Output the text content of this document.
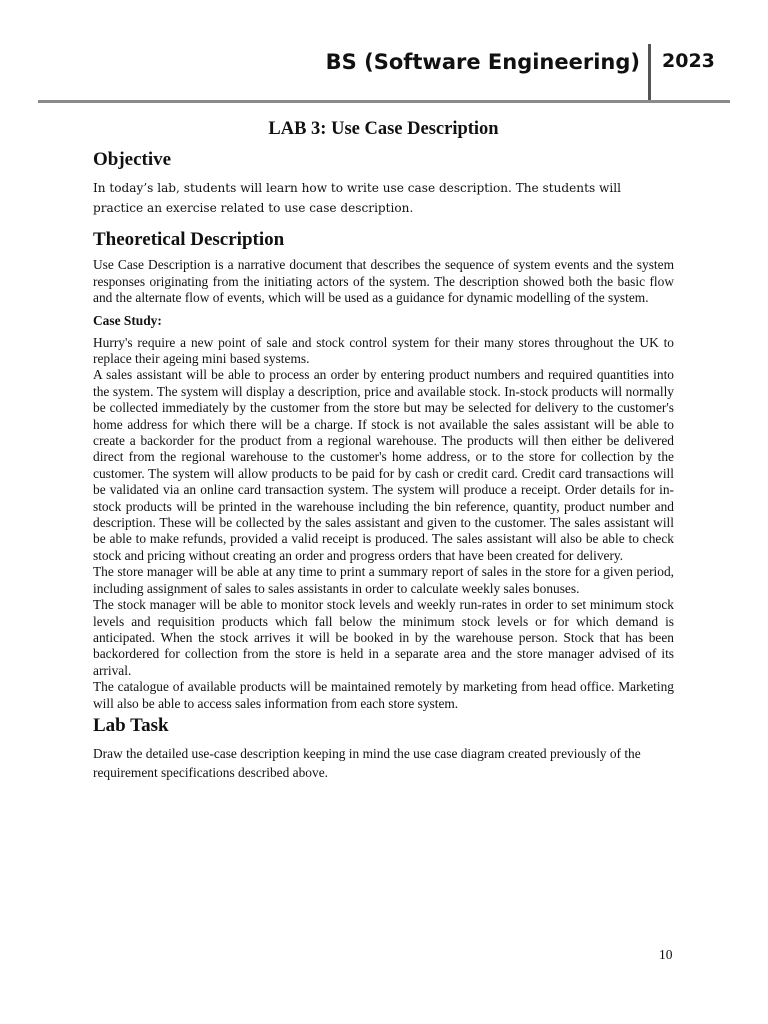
BS (Software Engineering) 2023
LAB 3: Use Case Description
Objective

In today’s lab, students will learn how to write use case description. The students will practice an exercise related to use case description.

Theoretical Description

Use Case Description is a narrative document that describes the sequence of system events and the system responses originating from the initiating actors of the system. The description showed both the basic flow and the alternate flow of events, which will be used as a guidance for dynamic modelling of the system.

Case Study:

Hurry's require a new point of sale and stock control system for their many stores throughout the UK to replace their ageing mini based systems.

A sales assistant will be able to process an order by entering product numbers and required quantities into the system. The system will display a description, price and available stock. In-stock products will normally be collected immediately by the customer from the store but may be selected for delivery to the customer's home address for which there will be a charge. If stock is not available the sales assistant will be able to create a backorder for the product from a regional warehouse. The products will then either be delivered direct from the regional warehouse to the customer's home address, or to the store for collection by the customer. The system will allow products to be paid for by cash or credit card. Credit card transactions will be validated via an online card transaction system. The system will produce a receipt. Order details for in-stock products will be printed in the warehouse including the bin reference, quantity, product number and description. These will be collected by the sales assistant and given to the customer. The sales assistant will be able to make refunds, provided a valid receipt is produced. The sales assistant will also be able to check stock and pricing without creating an order and progress orders that have been created for delivery.

The store manager will be able at any time to print a summary report of sales in the store for a given period, including assignment of sales to sales assistants in order to calculate weekly sales bonuses.

The stock manager will be able to monitor stock levels and weekly run-rates in order to set minimum stock levels and requisition products which fall below the minimum stock levels or for which demand is anticipated. When the stock arrives it will be booked in by the warehouse person. Stock that has been backordered for collection from the store is held in a separate area and the store manager advised of its arrival.

The catalogue of available products will be maintained remotely by marketing from head office. Marketing will also be able to access sales information from each store system.

Lab Task

Draw the detailed use-case description keeping in mind the use case diagram created previously of the requirement specifications described above.

10
